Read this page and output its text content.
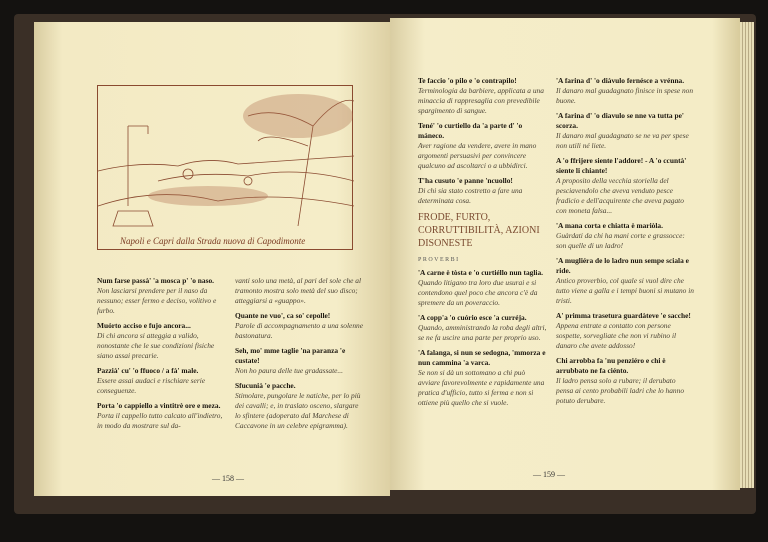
Napoli e Capri dalla Strada nuova di Capodimonte
Num farse passà' 'a mosca p' 'o naso.
Non lasciarsi prendere per il naso da nessuno; esser fermo e deciso, volitivo e furbo.
Muórto acciso e fujo ancora...
Di chi ancora si atteggia a valido, nonostante che le sue condizioni fisiche siano assai precarie.
Pazzià' cu' 'o ffuoco / a fà' male.
Essere assai audaci e rischiare serie conseguenze.
Porta 'o cappiello a vintitrè ore e meza.
Porta il cappello tutto calcato all'indietro, in modo da mostrare sul da-
vanti solo una metà, al pari del sole che al tramonto mostra solo metà del suo disco; atteggiarsi a «guappo».
Quante ne vuo', ca so' cepolle!
Parole di accompagnamento a una solenne bastonatura.
Seh, mo' mme taglie 'na paranza 'e custate!
Non ho paura delle tue gradassate...
Sfucunià 'e pacche.
Stimolare, pungolare le natiche, per lo più dei cavalli; e, in traslato osceno, slargare lo sfintere (adoperato dal Marchese di Caccavone in un celebre epigramma).
— 158 —
Te faccio 'o pilo e 'o contrapilo!
Terminologia da barbiere, applicata a una minaccia di rappresaglia con prevedibile spargimento di sangue.
Tené' 'o curtiello da 'a parte d' 'o máneco.
Aver ragione da vendere, avere in mano argomenti persuasivi per convincere qualcuno ad ascoltarci o a ubbidirci.
T'ha cusuto 'e panne 'ncuollo!
Di chi sia stato costretto a fare una determinata cosa.
FRODE, FURTO, CORRUTTIBILITÀ, AZIONI DISONESTE
PROVERBI
'A carne è tòsta e 'o curtiéllo nun taglia.
Quando litigano tra loro due usurai e si contendono quel poco che ancora c'è da spremere da un poveraccio.
'A copp'a 'o cuório esce 'a curréja.
Quando, amministrando la roba degli altri, se ne fa uscire una parte per proprio uso.
'A falanga, si nun se sedogna, 'mmorza e nun cammina 'a varca.
Se non si dà un sottomano a chi può avviare favorevolmente e rapidamente una pratica d'ufficio, tutto si ferma e non si ottiene più quello che si vuole.
'A farina d' 'o diàvulo fernésce a vrénna.
Il danaro mal guadagnato finisce in spese non buone.
'A farina d' 'o diavulo se nne va tutta pe' scorza.
Il danaro mal guadagnato se ne va per spese non utili né liete.
A 'o ffrijere siente l'addore! - A 'o ccuntà' siente li chiante!
A proposito della vecchia storiella del pesciavendolo che aveva venduto pesce fradicio e dell'acquirente che aveva pagato con moneta falsa...
'A mana corta e chiatta è mariòla.
Guàrdati da chi ha mani corte e grassocce: son quelle di un ladro!
'A mugliéra de lo ladro nun sempe sciala e ride.
Antico proverbio, col quale si vuol dire che tutto viene a galla e i tempi buoni si mutano in tristi.
A' primma trasetura guardàteve 'e sacche!
Appena entrate a contatto con persone sospette, sorvegliate che non vi rubino il danaro che avete addosso!
Chi arrobba fa 'nu penziéro e chi è arrubbato ne fa ciénto.
Il ladro pensa solo a rubare; il derubato pensa ai cento probabili ladri che lo hanno potuto derubare.
— 159 —
